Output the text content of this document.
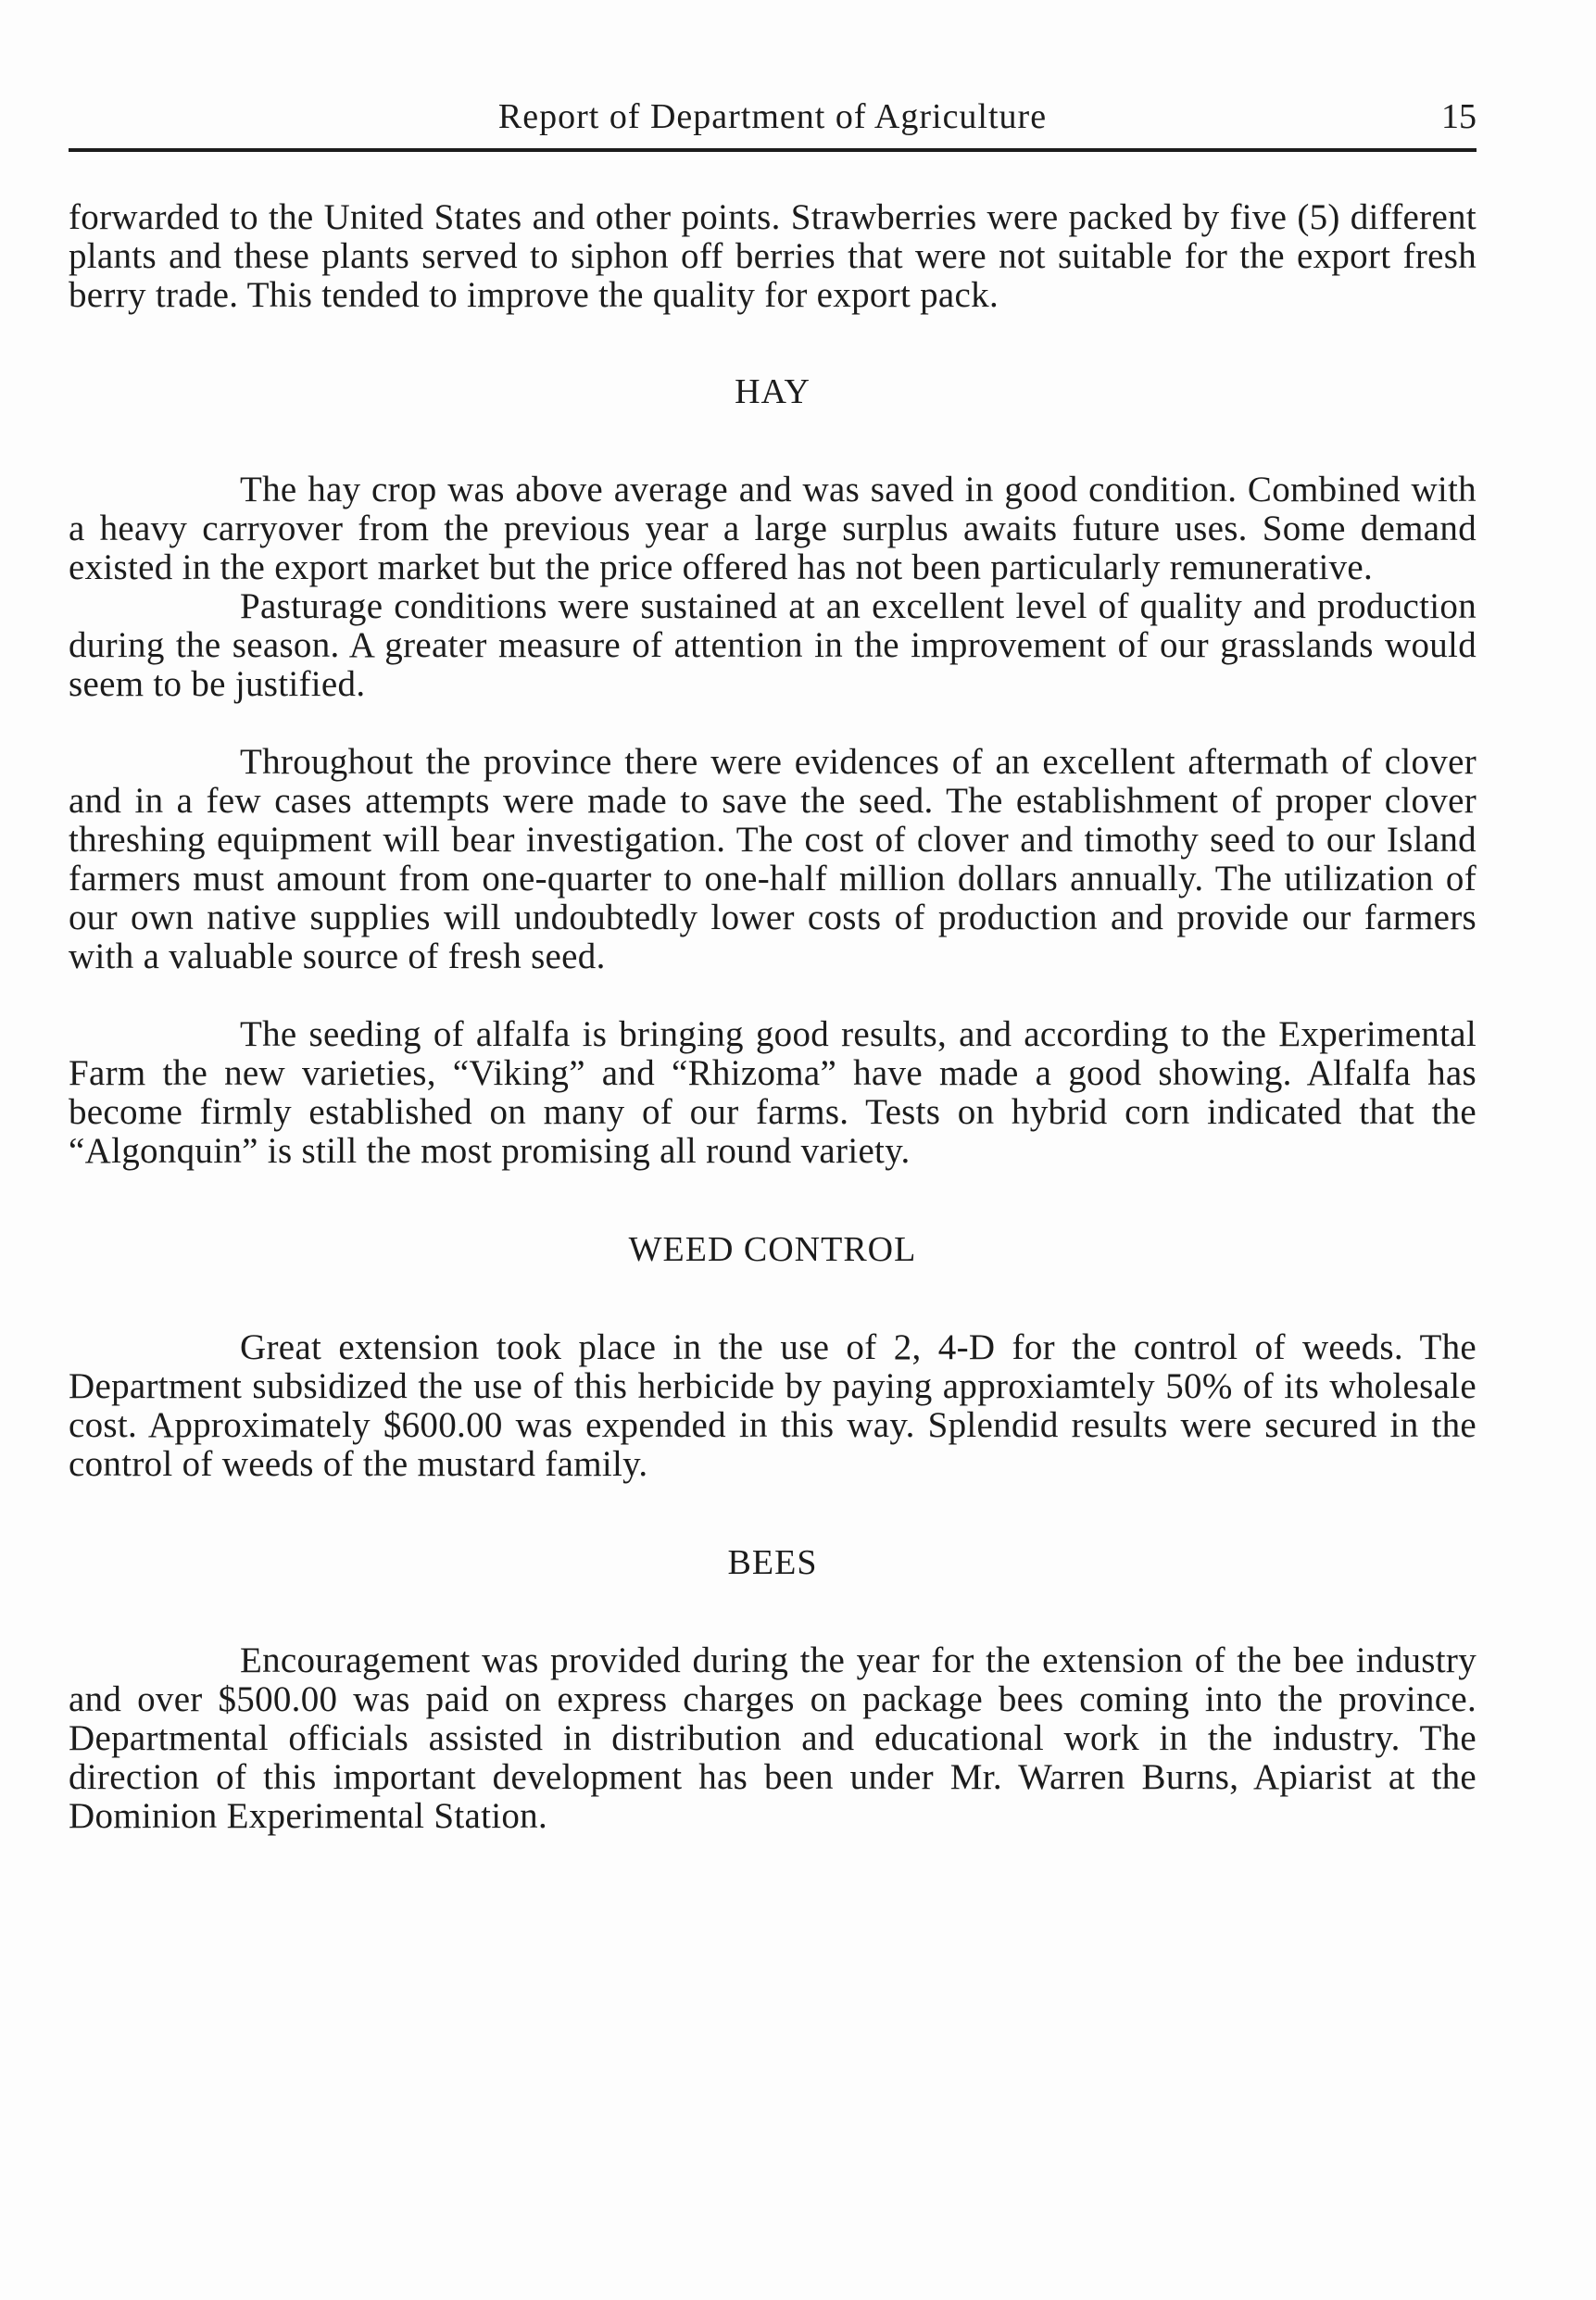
Report of Department of Agriculture	15

forwarded to the United States and other points. Strawberries were packed by five (5) different plants and these plants served to siphon off berries that were not suitable for the export fresh berry trade. This tended to improve the quality for export pack.

HAY

The hay crop was above average and was saved in good condition. Combined with a heavy carryover from the previous year a large surplus awaits future uses. Some demand existed in the export market but the price offered has not been particularly remunerative.

Pasturage conditions were sustained at an excellent level of quality and production during the season. A greater measure of attention in the improvement of our grasslands would seem to be justified.

Throughout the province there were evidences of an excellent aftermath of clover and in a few cases attempts were made to save the seed. The establishment of proper clover threshing equipment will bear investigation. The cost of clover and timothy seed to our Island farmers must amount from one-quarter to one-half million dollars annually. The utilization of our own native supplies will undoubtedly lower costs of production and provide our farmers with a valuable source of fresh seed.

The seeding of alfalfa is bringing good results, and according to the Experimental Farm the new varieties, “Viking” and “Rhizoma” have made a good showing. Alfalfa has become firmly established on many of our farms. Tests on hybrid corn indicated that the “Algonquin” is still the most promising all round variety.

WEED CONTROL

Great extension took place in the use of 2, 4-D for the control of weeds. The Department subsidized the use of this herbicide by paying approxiamtely 50% of its wholesale cost. Approximately $600.00 was expended in this way. Splendid results were secured in the control of weeds of the mustard family.

BEES

Encouragement was provided during the year for the extension of the bee industry and over $500.00 was paid on express charges on package bees coming into the province. Departmental officials assisted in distribution and educational work in the industry. The direction of this important development has been under Mr. Warren Burns, Apiarist at the Dominion Experimental Station.
